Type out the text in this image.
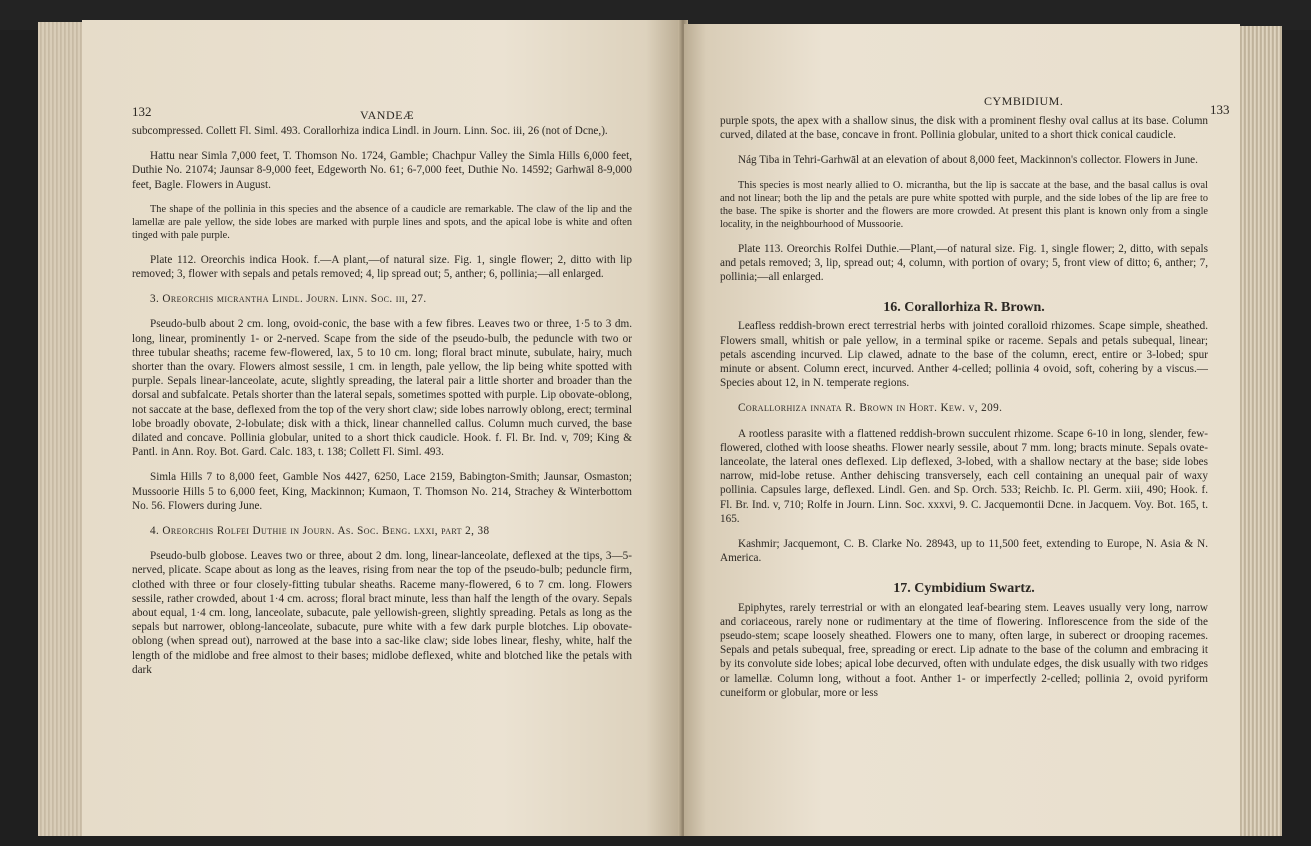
132	VANDEÆ

subcompressed. Collett Fl. Siml. 493. Corallorhiza indica Lindl. in Journ. Linn. Soc. iii, 26 (not of Dcne,).

Hattu near Simla 7,000 feet, T. Thomson No. 1724, Gamble; Chachpur Valley the Simla Hills 6,000 feet, Duthie No. 21074; Jaunsar 8-9,000 feet, Edgeworth No. 61; 6-7,000 feet, Duthie No. 14592; Garhwāl 8-9,000 feet, Bagle. Flowers in August.

The shape of the pollinia in this species and the absence of a caudicle are remarkable. The claw of the lip and the lamellæ are pale yellow, the side lobes are marked with purple lines and spots, and the apical lobe is white and often tinged with pale purple.

Plate 112. Oreorchis indica Hook. f.—A plant,—of natural size. Fig. 1, single flower; 2, ditto with lip removed; 3, flower with sepals and petals removed; 4, lip spread out; 5, anther; 6, pollinia;—all enlarged.

3. Oreorchis micrantha Lindl. Journ. Linn. Soc. iii, 27.

Pseudo-bulb about 2 cm. long, ovoid-conic, the base with a few fibres. Leaves two or three, 1·5 to 3 dm. long, linear, prominently 1- or 2-nerved. Scape from the side of the pseudo-bulb, the peduncle with two or three tubular sheaths; raceme few-flowered, lax, 5 to 10 cm. long; floral bract minute, subulate, hairy, much shorter than the ovary. Flowers almost sessile, 1 cm. in length, pale yellow, the lip being white spotted with purple. Sepals linear-lanceolate, acute, slightly spreading, the lateral pair a little shorter and broader than the dorsal and subfalcate. Petals shorter than the lateral sepals, sometimes spotted with purple. Lip obovate-oblong, not saccate at the base, deflexed from the top of the very short claw; side lobes narrowly oblong, erect; terminal lobe broadly obovate, 2-lobulate; disk with a thick, linear channelled callus. Column much curved, the base dilated and concave. Pollinia globular, united to a short thick caudicle. Hook. f. Fl. Br. Ind. v, 709; King & Pantl. in Ann. Roy. Bot. Gard. Calc. 183, t. 138; Collett Fl. Siml. 493.

Simla Hills 7 to 8,000 feet, Gamble Nos 4427, 6250, Lace 2159, Babington-Smith; Jaunsar, Osmaston; Mussoorie Hills 5 to 6,000 feet, King, Mackinnon; Kumaon, T. Thomson No. 214, Strachey & Winterbottom No. 56. Flowers during June.

4. Oreorchis Rolfei Duthie in Journ. As. Soc. Beng. lxxi, part 2, 38

Pseudo-bulb globose. Leaves two or three, about 2 dm. long, linear-lanceolate, deflexed at the tips, 3—5-nerved, plicate. Scape about as long as the leaves, rising from near the top of the pseudo-bulb; peduncle firm, clothed with three or four closely-fitting tubular sheaths. Raceme many-flowered, 6 to 7 cm. long. Flowers sessile, rather crowded, about 1·4 cm. across; floral bract minute, less than half the length of the ovary. Sepals about equal, 1·4 cm. long, lanceolate, subacute, pale yellowish-green, slightly spreading. Petals as long as the sepals but narrower, oblong-lanceolate, subacute, pure white with a few dark purple blotches. Lip obovate-oblong (when spread out), narrowed at the base into a sac-like claw; side lobes linear, fleshy, white, half the length of the midlobe and free almost to their bases; midlobe deflexed, white and blotched like the petals with dark

CYMBIDIUM.
133

purple spots, the apex with a shallow sinus, the disk with a prominent fleshy oval callus at its base. Column curved, dilated at the base, concave in front. Pollinia globular, united to a short thick conical caudicle.

Nág Tiba in Tehri-Garhwāl at an elevation of about 8,000 feet, Mackinnon's collector. Flowers in June.

This species is most nearly allied to O. micrantha, but the lip is saccate at the base, and the basal callus is oval and not linear; both the lip and the petals are pure white spotted with purple, and the side lobes of the lip are free to the base. The spike is shorter and the flowers are more crowded. At present this plant is known only from a single locality, in the neighbourhood of Mussoorie.

Plate 113. Oreorchis Rolfei Duthie.—Plant,—of natural size. Fig. 1, single flower; 2, ditto, with sepals and petals removed; 3, lip, spread out; 4, column, with portion of ovary; 5, front view of ditto; 6, anther; 7, pollinia;—all enlarged.

16. Corallorhiza R. Brown.

Leafless reddish-brown erect terrestrial herbs with jointed coralloid rhizomes. Scape simple, sheathed. Flowers small, whitish or pale yellow, in a terminal spike or raceme. Sepals and petals subequal, linear; petals ascending incurved. Lip clawed, adnate to the base of the column, erect, entire or 3-lobed; spur minute or absent. Column erect, incurved. Anther 4-celled; pollinia 4 ovoid, soft, cohering by a viscus.—Species about 12, in N. temperate regions.

Corallorhiza innata R. Brown in Hort. Kew. v, 209.

A rootless parasite with a flattened reddish-brown succulent rhizome. Scape 6-10 in long, slender, few-flowered, clothed with loose sheaths. Flower nearly sessile, about 7 mm. long; bracts minute. Sepals ovate-lanceolate, the lateral ones deflexed. Lip deflexed, 3-lobed, with a shallow nectary at the base; side lobes narrow, mid-lobe retuse. Anther dehiscing transversely, each cell containing an unequal pair of waxy pollinia. Capsules large, deflexed. Lindl. Gen. and Sp. Orch. 533; Reichb. Ic. Pl. Germ. xiii, 490; Hook. f. Fl. Br. Ind. v, 710; Rolfe in Journ. Linn. Soc. xxxvi, 9. C. Jacquemontii Dcne. in Jacquem. Voy. Bot. 165, t. 165.

Kashmir; Jacquemont, C. B. Clarke No. 28943, up to 11,500 feet, extending to Europe, N. Asia & N. America.

17. Cymbidium Swartz.

Epiphytes, rarely terrestrial or with an elongated leaf-bearing stem. Leaves usually very long, narrow and coriaceous, rarely none or rudimentary at the time of flowering. Inflorescence from the side of the pseudo-stem; scape loosely sheathed. Flowers one to many, often large, in suberect or drooping racemes. Sepals and petals subequal, free, spreading or erect. Lip adnate to the base of the column and embracing it by its convolute side lobes; apical lobe decurved, often with undulate edges, the disk usually with two ridges or lamellæ. Column long, without a foot. Anther 1- or imperfectly 2-celled; pollinia 2, ovoid pyriform cuneiform or globular, more or less
